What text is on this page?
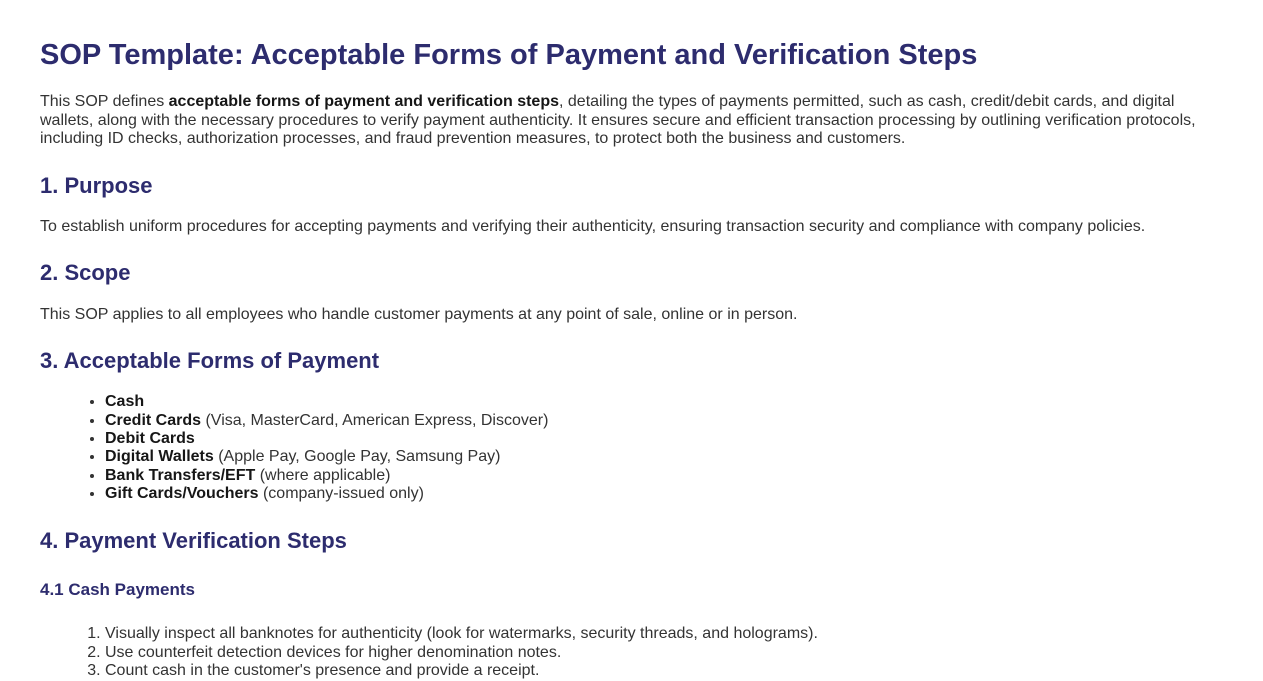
SOP Template: Acceptable Forms of Payment and Verification Steps

This SOP defines acceptable forms of payment and verification steps, detailing the types of payments permitted, such as cash, credit/debit cards, and digital wallets, along with the necessary procedures to verify payment authenticity. It ensures secure and efficient transaction processing by outlining verification protocols, including ID checks, authorization processes, and fraud prevention measures, to protect both the business and customers.

1. Purpose

To establish uniform procedures for accepting payments and verifying their authenticity, ensuring transaction security and compliance with company policies.

2. Scope

This SOP applies to all employees who handle customer payments at any point of sale, online or in person.

3. Acceptable Forms of Payment
• Cash
• Credit Cards (Visa, MasterCard, American Express, Discover)
• Debit Cards
• Digital Wallets (Apple Pay, Google Pay, Samsung Pay)
• Bank Transfers/EFT (where applicable)
• Gift Cards/Vouchers (company-issued only)
4. Payment Verification Steps
4.1 Cash Payments
1. Visually inspect all banknotes for authenticity (look for watermarks, security threads, and holograms).
2. Use counterfeit detection devices for higher denomination notes.
3. Count cash in the customer's presence and provide a receipt.
